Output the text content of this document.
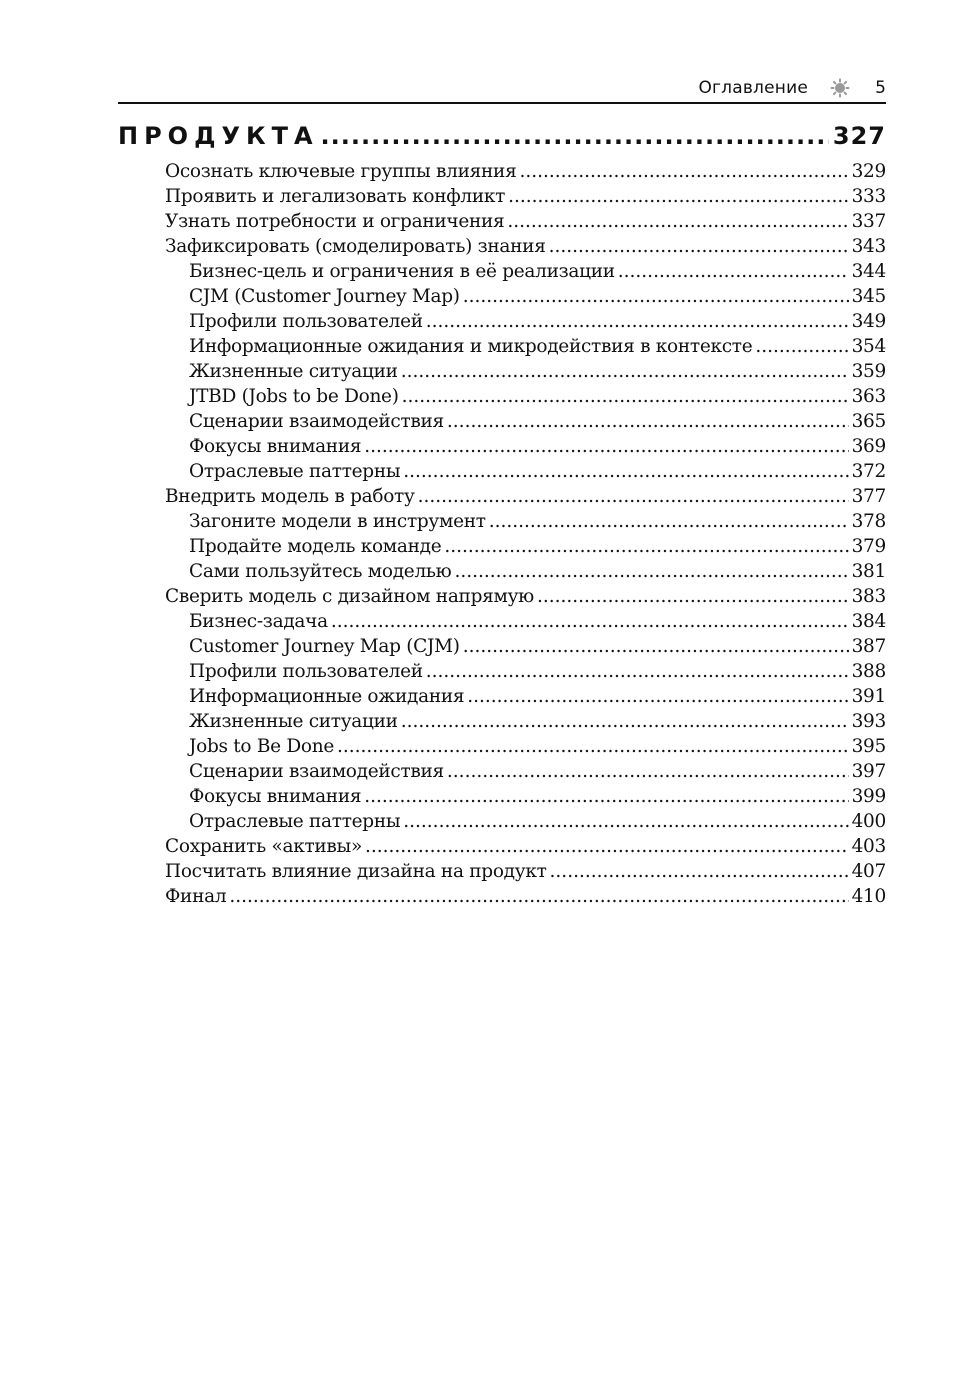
Оглавление	5
ПРОДУКТА .....	327
Осознать ключевые группы влияния .....	329
Проявить и легализовать конфликт .....	333
Узнать потребности и ограничения .....	337
Зафиксировать (смоделировать) знания .....	343
Бизнес-цель и ограничения в её реализации .....	344
CJM (Customer Journey Map) .....	345
Профили пользователей .....	349
Информационные ожидания и микродействия в контексте .....	354
Жизненные ситуации .....	359
JTBD (Jobs to be Done) .....	363
Сценарии взаимодействия .....	365
Фокусы внимания .....	369
Отраслевые паттерны .....	372
Внедрить модель в работу .....	377
Загоните модели в инструмент .....	378
Продайте модель команде .....	379
Сами пользуйтесь моделью .....	381
Сверить модель с дизайном напрямую .....	383
Бизнес-задача .....	384
Customer Journey Map (CJM) .....	387
Профили пользователей .....	388
Информационные ожидания .....	391
Жизненные ситуации .....	393
Jobs to Be Done .....	395
Сценарии взаимодействия .....	397
Фокусы внимания .....	399
Отраслевые паттерны .....	400
Сохранить «активы» .....	403
Посчитать влияние дизайна на продукт .....	407
Финал .....	410
